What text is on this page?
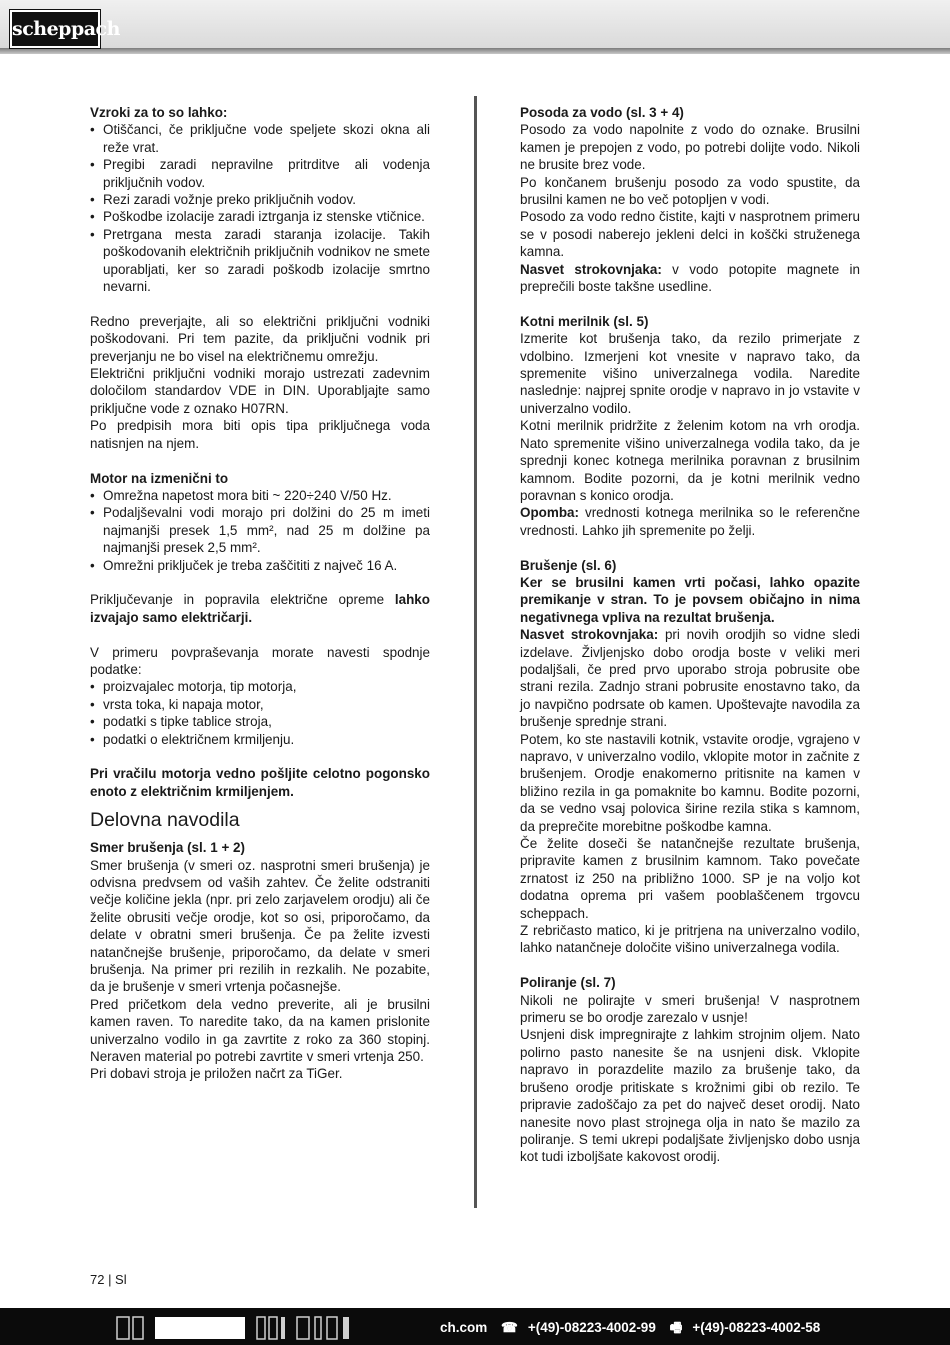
scheppach

Vzroki za to so lahko:

• Otiščanci, če priključne vode speljete skozi okna ali reže vrat.
• Pregibi zaradi nepravilne pritrditve ali vodenja priključnih vodov.
• Rezi zaradi vožnje preko priključnih vodov.
• Poškodbe izolacije zaradi iztrganja iz stenske vtičnice.
• Pretrgana mesta zaradi staranja izolacije. Takih poškodovanih električnih priključnih vodnikov ne smete uporabljati, ker so zaradi poškodb izolacije smrtno nevarni.

Redno preverjajte, ali so električni priključni vodniki poškodovani. Pri tem pazite, da priključni vodnik pri preverjanju ne bo visel na električnemu omrežju.

Električni priključni vodniki morajo ustrezati zadevnim določilom standardov VDE in DIN. Uporabljajte samo priključne vode z oznako H07RN.

Po predpisih mora biti opis tipa priključnega voda natisnjen na njem.

Motor na izmenični to

• Omrežna napetost mora biti ~ 220÷240 V/50 Hz.
• Podaljševalni vodi morajo pri dolžini do 25 m imeti najmanjši presek 1,5 mm², nad 25 m dolžine pa najmanjši presek 2,5 mm².
• Omrežni priključek je treba zaščititi z največ 16 A.

Priključevanje in popravila električne opreme lahko izvajajo samo električarji.

V primeru povpraševanja morate navesti spodnje podatke:

• proizvajalec motorja, tip motorja,
• vrsta toka, ki napaja motor,
• podatki s tipke tablice stroja,
• podatki o električnem krmiljenju.

Pri vračilu motorja vedno pošljite celotno pogonsko enoto z električnim krmiljenjem.

Delovna navodila

Smer brušenja (sl. 1 + 2)

Smer brušenja (v smeri oz. nasprotni smeri brušenja) je odvisna predvsem od vaših zahtev. Če želite odstraniti večje količine jekla (npr. pri zelo zarjavelem orodju) ali če želite obrusiti večje orodje, kot so osi, priporočamo, da delate v obratni smeri brušenja. Če pa želite izvesti natančnejše brušenje, priporočamo, da delate v smeri brušenja. Na primer pri rezilih in rezkalih. Ne pozabite, da je brušenje v smeri vrtenja počasnejše.

Pred pričetkom dela vedno preverite, ali je brusilni kamen raven. To naredite tako, da na kamen prislonite univerzalno vodilo in ga zavrtite z roko za 360 stopinj. Neraven material po potrebi zavrtite v smeri vrtenja 250.

Pri dobavi stroja je priložen načrt za TiGer.

Posoda za vodo (sl. 3 + 4)

Posodo za vodo napolnite z vodo do oznake. Brusilni kamen je prepojen z vodo, po potrebi dolijte vodo. Nikoli ne brusite brez vode.

Po končanem brušenju posodo za vodo spustite, da brusilni kamen ne bo več potopljen v vodi.

Posodo za vodo redno čistite, kajti v nasprotnem primeru se v posodi naberejo jekleni delci in koščki struženega kamna.

Nasvet strokovnjaka: v vodo potopite magnete in preprečili boste takšne usedline.

Kotni merilnik (sl. 5)

Izmerite kot brušenja tako, da rezilo primerjate z vdolbino. Izmerjeni kot vnesite v napravo tako, da spremenite višino univerzalnega vodila. Naredite naslednje: najprej spnite orodje v napravo in jo vstavite v univerzalno vodilo.

Kotni merilnik pridržite z želenim kotom na vrh orodja. Nato spremenite višino univerzalnega vodila tako, da je sprednji konec kotnega merilnika poravnan z brusilnim kamnom. Bodite pozorni, da je kotni merilnik vedno poravnan s konico orodja.

Opomba: vrednosti kotnega merilnika so le referenčne vrednosti. Lahko jih spremenite po želji.

Brušenje (sl. 6)

Ker se brusilni kamen vrti počasi, lahko opazite premikanje v stran. To je povsem običajno in nima negativnega vpliva na rezultat brušenja.

Nasvet strokovnjaka: pri novih orodjih so vidne sledi izdelave. Življenjsko dobo orodja boste v veliki meri podaljšali, če pred prvo uporabo stroja pobrusite obe strani rezila. Zadnjo strani pobrusite enostavno tako, da jo navpično podrsate ob kamen. Upoštevajte navodila za brušenje sprednje strani.

Potem, ko ste nastavili kotnik, vstavite orodje, vgrajeno v napravo, v univerzalno vodilo, vklopite motor in začnite z brušenjem. Orodje enakomerno pritisnite na kamen v bližino rezila in ga pomaknite bo kamnu. Bodite pozorni, da se vedno vsaj polovica širine rezila stika s kamnom, da preprečite morebitne poškodbe kamna.

Če želite doseči še natančnejše rezultate brušenja, pripravite kamen z brusilnim kamnom. Tako povečate zrnatost iz 250 na približno 1000. SP je na voljo kot dodatna oprema pri vašem pooblaščenem trgovcu scheppach.

Z rebričasto matico, ki je pritrjena na univerzalno vodilo, lahko natančneje določite višino univerzalnega vodila.

Poliranje (sl. 7)

Nikoli ne polirajte v smeri brušenja! V nasprotnem primeru se bo orodje zarezalo v usnje!

Usnjeni disk impregnirajte z lahkim strojnim oljem. Nato polirno pasto nanesite še na usnjeni disk. Vklopite napravo in porazdelite mazilo za brušenje tako, da brušeno orodje pritiskate s krožnimi gibi ob rezilo. Te pripravie zadoščajo za pet do največ deset orodij. Nato nanesite novo plast strojnega olja in nato še mazilo za poliranje. S temi ukrepi podaljšate življenjsko dobo usnja kot tudi izboljšate kakovost orodij.

72 | Sl
ch.com ☎ +(49)-08223-4002-99 🖷 +(49)-08223-4002-58
